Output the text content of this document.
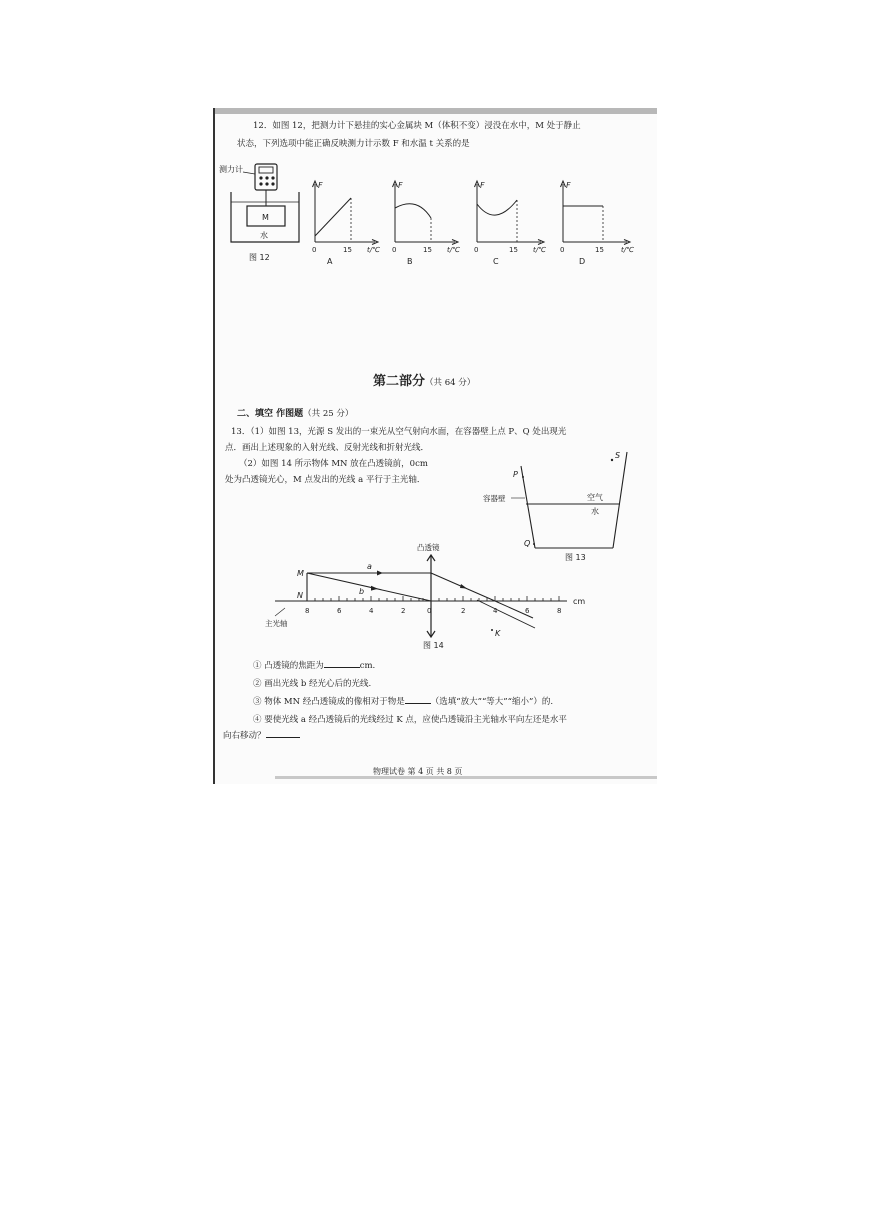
12．如图 12，把测力计下悬挂的实心金属块 M（体积不变）浸没在水中，M 处于静止
状态，下列选项中能正确反映测力计示数 F 和水温 t 关系的是
测力计
M
水
图 12
F
t/℃
0	15
A
F
t/℃
0	15
B
F
t/℃
0	15
C
F
t/℃
0	15
D
第二部分（共 64 分）
二、填空 作图题（共 25 分）
13．（1）如图 13，光源 S 发出的一束光从空气射向水面，在容器壁上点 P、Q 处出现光
点．画出上述现象的入射光线、反射光线和折射光线．
（2）如图 14 所示物体 MN 放在凸透镜前，0cm
处为凸透镜光心，M 点发出的光线 a 平行于主光轴．
S
P
Q
容器壁	空气
水
图 13
凸透镜
8	6	4	2	0	2	4	6	8
cm
M
N
a
b
K
主光轴
图 14
① 凸透镜的焦距为	cm.
② 画出光线 b 经光心后的光线.
③ 物体 MN 经凸透镜成的像相对于物是	（选填“放大”“等大”“缩小”）的.
④ 要使光线 a 经凸透镜后的光线经过 K 点，应使凸透镜沿主光轴水平向左还是水平
向右移动？
物理试卷 第 4 页 共 8 页
